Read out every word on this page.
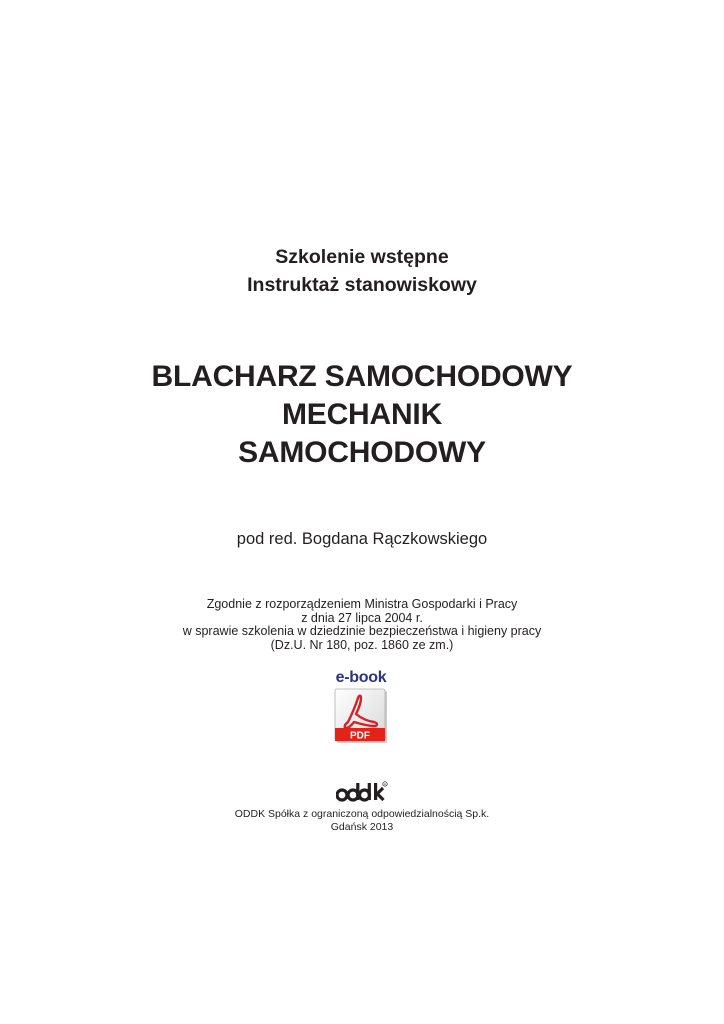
Szkolenie wstępne
Instruktaż stanowiskowy
BLACHARZ SAMOCHODOWY
MECHANIK
SAMOCHODOWY
pod red. Bogdana Rączkowskiego
Zgodnie z rozporządzeniem Ministra Gospodarki i Pracy
z dnia 27 lipca 2004 r.
w sprawie szkolenia w dziedzinie bezpieczeństwa i higieny pracy
(Dz.U. Nr 180, poz. 1860 ze zm.)
e-book
PDF
R
ODDK Spółka z ograniczoną odpowiedzialnością Sp.k.
Gdańsk 2013
